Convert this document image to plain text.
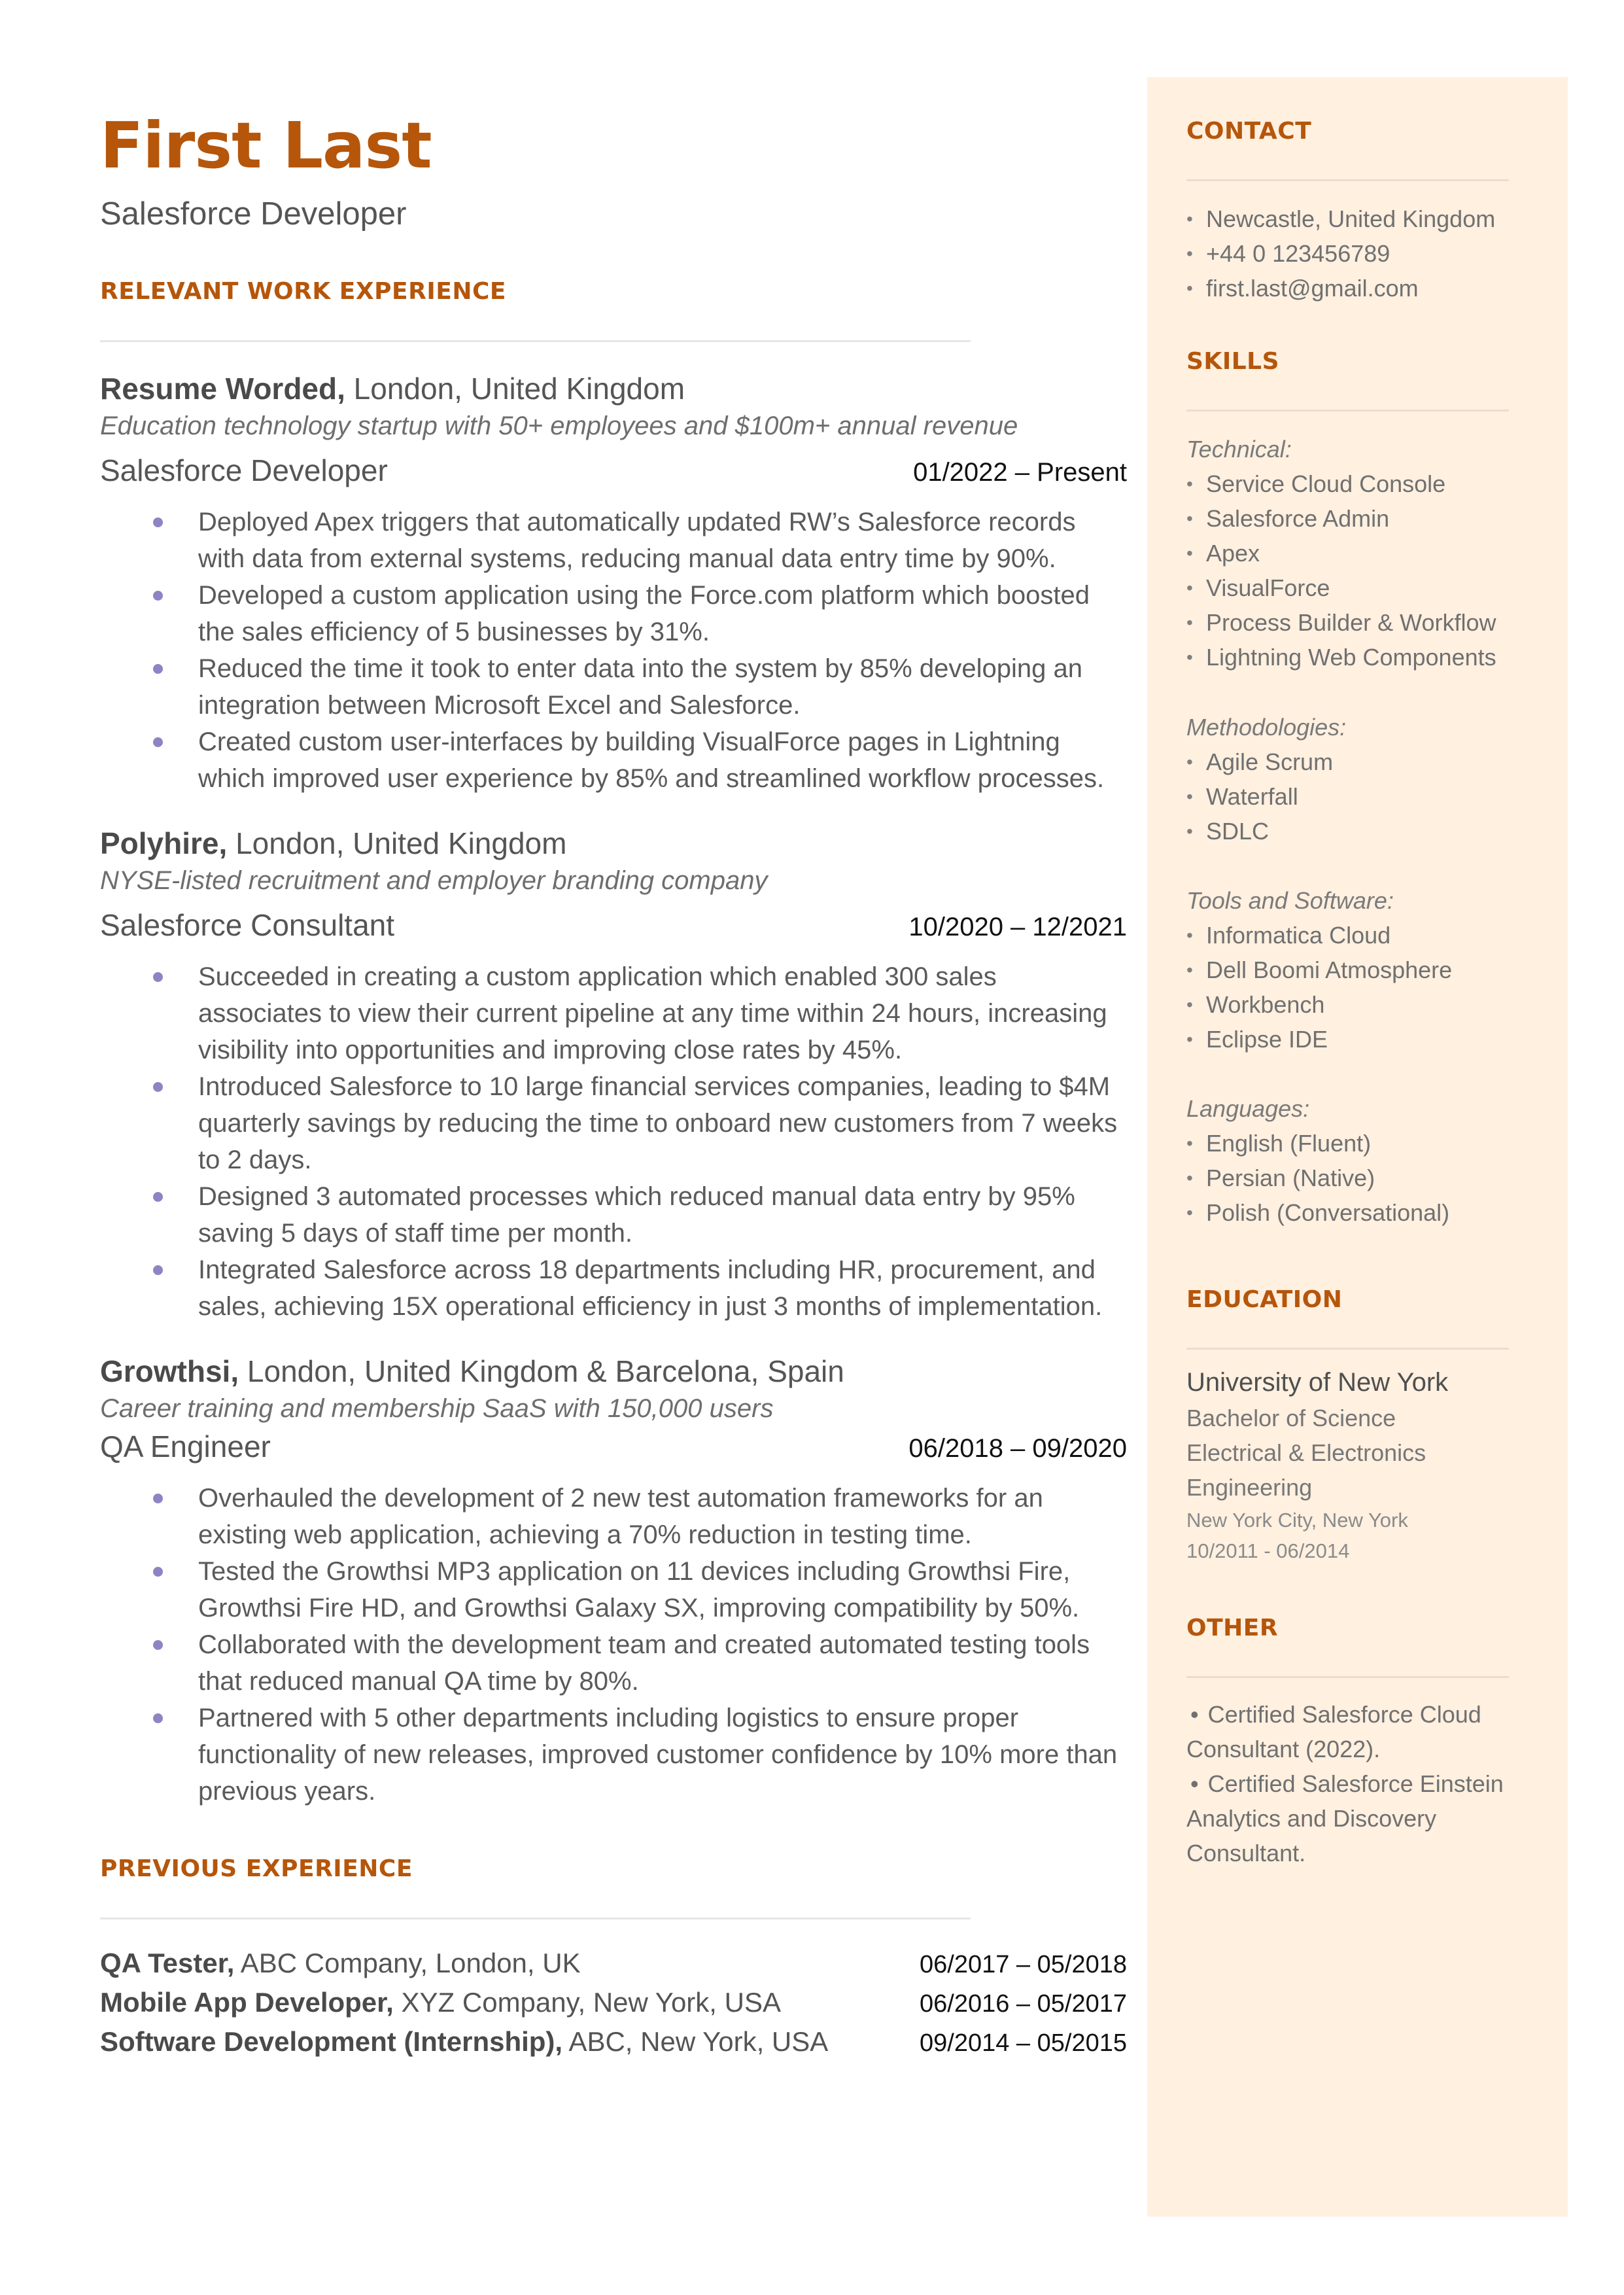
First Last
Salesforce Developer
RELEVANT WORK EXPERIENCE
Resume Worded, London, United Kingdom
Education technology startup with 50+ employees and $100m+ annual revenue
Salesforce Developer	01/2022 – Present
Deployed Apex triggers that automatically updated RW’s Salesforce records with data from external systems, reducing manual data entry time by 90%.
Developed a custom application using the Force.com platform which boosted the sales efficiency of 5 businesses by 31%.
Reduced the time it took to enter data into the system by 85% developing an integration between Microsoft Excel and Salesforce.
Created custom user-interfaces by building VisualForce pages in Lightning which improved user experience by 85% and streamlined workflow processes.
Polyhire, London, United Kingdom
NYSE-listed recruitment and employer branding company
Salesforce Consultant	10/2020 – 12/2021
Succeeded in creating a custom application which enabled 300 sales associates to view their current pipeline at any time within 24 hours, increasing visibility into opportunities and improving close rates by 45%.
Introduced Salesforce to 10 large financial services companies, leading to $4M quarterly savings by reducing the time to onboard new customers from 7 weeks to 2 days.
Designed 3 automated processes which reduced manual data entry by 95% saving 5 days of staff time per month.
Integrated Salesforce across 18 departments including HR, procurement, and sales, achieving 15X operational efficiency in just 3 months of implementation.
Growthsi, London, United Kingdom & Barcelona, Spain
Career training and membership SaaS with 150,000 users
QA Engineer	06/2018 – 09/2020
Overhauled the development of 2 new test automation frameworks for an existing web application, achieving a 70% reduction in testing time.
Tested the Growthsi MP3 application on 11 devices including Growthsi Fire, Growthsi Fire HD, and Growthsi Galaxy SX, improving compatibility by 50%.
Collaborated with the development team and created automated testing tools that reduced manual QA time by 80%.
Partnered with 5 other departments including logistics to ensure proper functionality of new releases, improved customer confidence by 10% more than previous years.
PREVIOUS EXPERIENCE
QA Tester, ABC Company, London, UK	06/2017 – 05/2018
Mobile App Developer, XYZ Company, New York, USA	06/2016 – 05/2017
Software Development (Internship), ABC, New York, USA	09/2014 – 05/2015
CONTACT
• Newcastle, United Kingdom
• +44 0 123456789
• first.last@gmail.com
SKILLS
Technical:
• Service Cloud Console
• Salesforce Admin
• Apex
• VisualForce
• Process Builder & Workflow
• Lightning Web Components
Methodologies:
• Agile Scrum
• Waterfall
• SDLC
Tools and Software:
• Informatica Cloud
• Dell Boomi Atmosphere
• Workbench
• Eclipse IDE
Languages:
• English (Fluent)
• Persian (Native)
• Polish (Conversational)
EDUCATION
University of New York
Bachelor of Science
Electrical & Electronics
Engineering
New York City, New York
10/2011 - 06/2014
OTHER
• Certified Salesforce Cloud Consultant (2022).
• Certified Salesforce Einstein Analytics and Discovery Consultant.
